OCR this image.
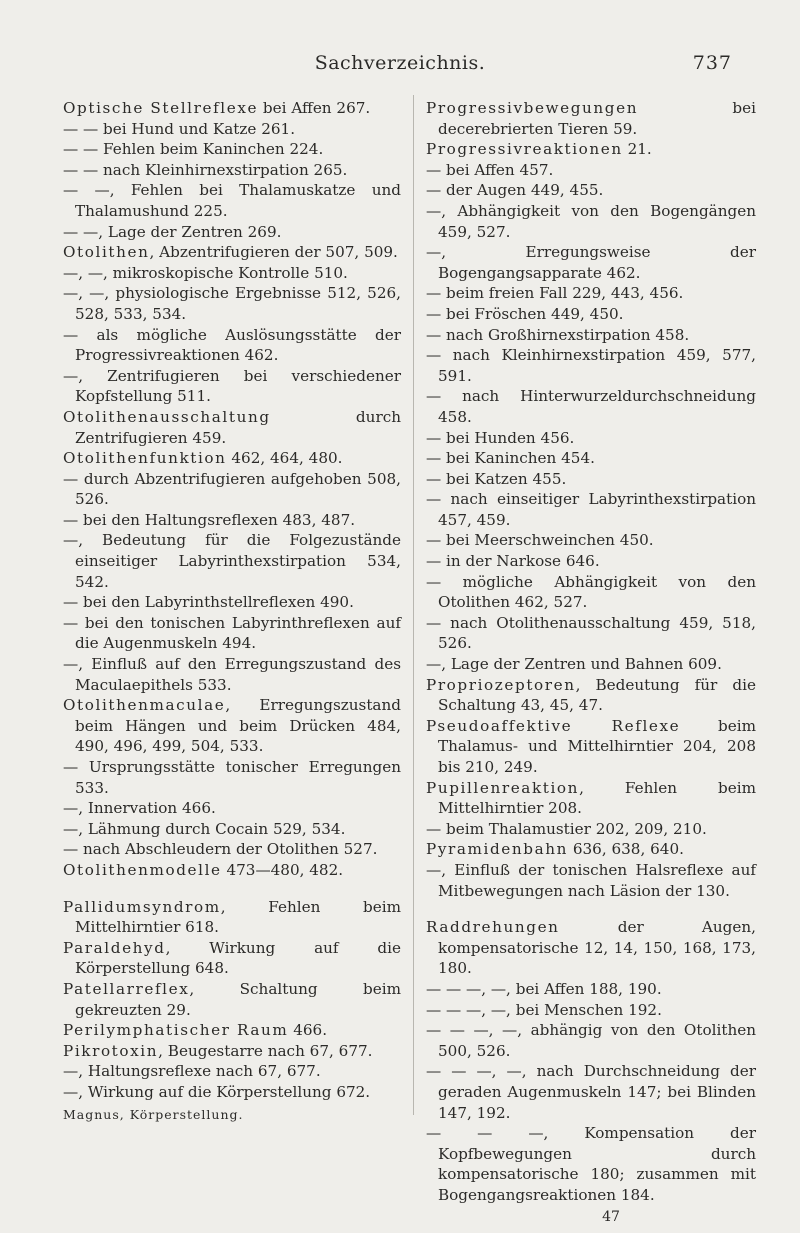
Sachverzeichnis.	737

Optische Stellreflexe bei Affen 267.

— — bei Hund und Katze 261.

— — Fehlen beim Kaninchen 224.

— — nach Kleinhirnexstirpation 265.

— —, Fehlen bei Thalamuskatze und Thalamushund 225.

— —, Lage der Zentren 269.

Otolithen, Abzentrifugieren der 507, 509.

—, —, mikroskopische Kontrolle 510.

—, —, physiologische Ergebnisse 512, 526, 528, 533, 534.

— als mögliche Auslösungsstätte der Progressivreaktionen 462.

—, Zentrifugieren bei verschiedener Kopfstellung 511.

Otolithenausschaltung durch Zentrifugieren 459.

Otolithenfunktion 462, 464, 480.

— durch Abzentrifugieren aufgehoben 508, 526.

— bei den Haltungsreflexen 483, 487.

—, Bedeutung für die Folgezustände einseitiger Labyrinthexstirpation 534, 542.

— bei den Labyrinthstellreflexen 490.

— bei den tonischen Labyrinthreflexen auf die Augenmuskeln 494.

—, Einfluß auf den Erregungszustand des Maculaepithels 533.

Otolithenmaculae, Erregungszustand beim Hängen und beim Drücken 484, 490, 496, 499, 504, 533.

— Ursprungsstätte tonischer Erregungen 533.

—, Innervation 466.

—, Lähmung durch Cocain 529, 534.

— nach Abschleudern der Otolithen 527.

Otolithenmodelle 473—480, 482.

Pallidumsyndrom, Fehlen beim Mittelhirntier 618.

Paraldehyd, Wirkung auf die Körperstellung 648.

Patellarreflex, Schaltung beim gekreuzten 29.

Perilymphatischer Raum 466.

Pikrotoxin, Beugestarre nach 67, 677.

—, Haltungsreflexe nach 67, 677.

—, Wirkung auf die Körperstellung 672.

Magnus, Körperstellung.

Progressivbewegungen bei decerebrierten Tieren 59.

Progressivreaktionen 21.

— bei Affen 457.

— der Augen 449, 455.

—, Abhängigkeit von den Bogengängen 459, 527.

—, Erregungsweise der Bogengangsapparate 462.

— beim freien Fall 229, 443, 456.

— bei Fröschen 449, 450.

— nach Großhirnexstirpation 458.

— nach Kleinhirnexstirpation 459, 577, 591.

— nach Hinterwurzeldurchschneidung 458.

— bei Hunden 456.

— bei Kaninchen 454.

— bei Katzen 455.

— nach einseitiger Labyrinthexstirpation 457, 459.

— bei Meerschweinchen 450.

— in der Narkose 646.

— mögliche Abhängigkeit von den Otolithen 462, 527.

— nach Otolithenausschaltung 459, 518, 526.

—, Lage der Zentren und Bahnen 609.

Propriozeptoren, Bedeutung für die Schaltung 43, 45, 47.

Pseudoaffektive Reflexe beim Thalamus- und Mittelhirntier 204, 208 bis 210, 249.

Pupillenreaktion, Fehlen beim Mittelhirntier 208.

— beim Thalamustier 202, 209, 210.

Pyramidenbahn 636, 638, 640.

—, Einfluß der tonischen Halsreflexe auf Mitbewegungen nach Läsion der 130.

Raddrehungen der Augen, kompensatorische 12, 14, 150, 168, 173, 180.

— — —, —, bei Affen 188, 190.

— — —, —, bei Menschen 192.

— — —, —, abhängig von den Otolithen 500, 526.

— — —, —, nach Durchschneidung der geraden Augenmuskeln 147; bei Blinden 147, 192.

— — —, Kompensation der Kopfbewegungen durch kompensatorische 180; zusammen mit Bogengangsreaktionen 184.

47
